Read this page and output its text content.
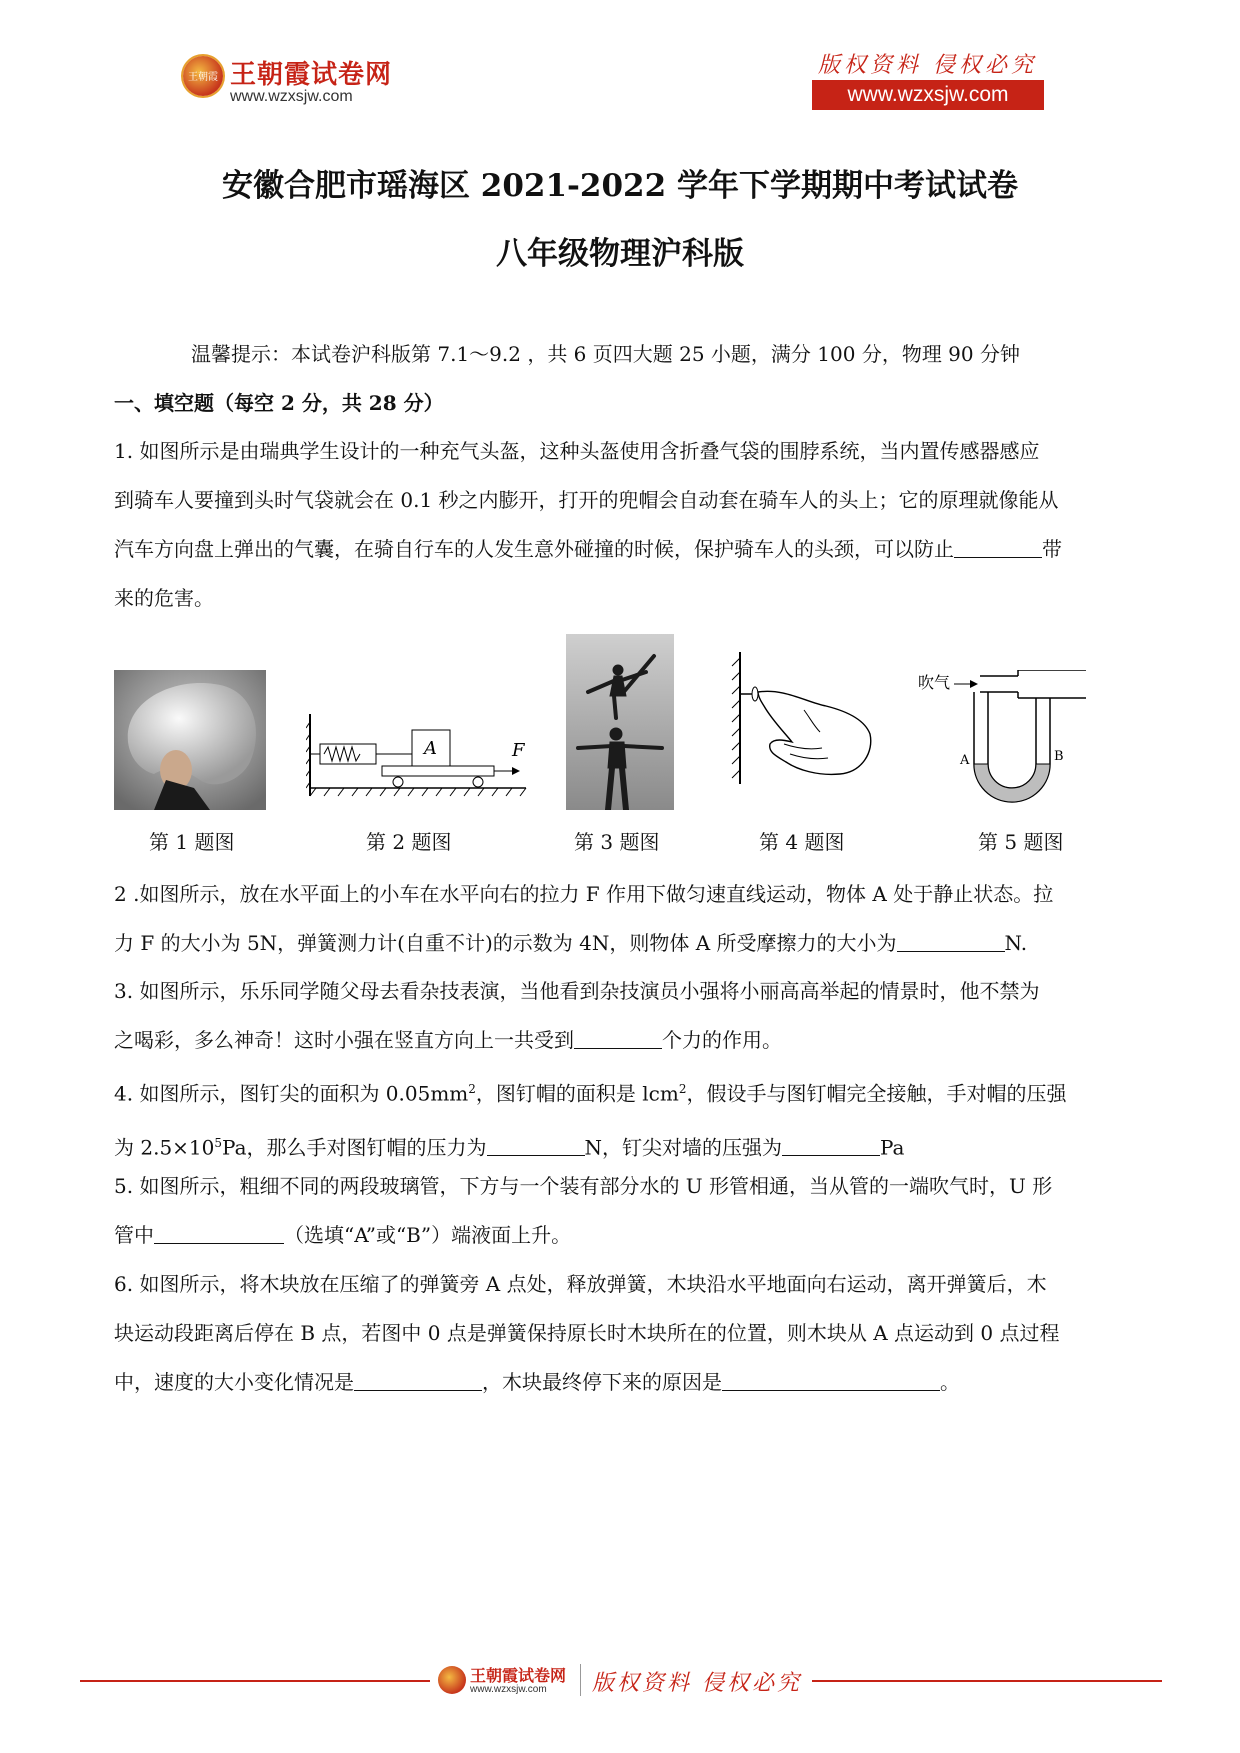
王朝霞 王朝霞试卷网
www.wzxsjw.com
版权资料 侵权必究
www.wzxsjw.com
安徽合肥市瑶海区 2021-2022 学年下学期期中考试试卷
八年级物理沪科版
温馨提示：本试卷沪科版第 7.1～9.2 ，共 6 页四大题 25 小题，满分 100 分，物理 90 分钟
一、填空题（每空 2 分，共 28 分）
1. 如图所示是由瑞典学生设计的一种充气头盔，这种头盔使用含折叠气袋的围脖系统，当内置传感器感应
到骑车人要撞到头时气袋就会在 0.1 秒之内膨开，打开的兜帽会自动套在骑车人的头上；它的原理就像能从
汽车方向盘上弹出的气囊，在骑自行车的人发生意外碰撞的时候，保护骑车人的头颈，可以防止	带
来的危害。
A	F
吹气
A	B
第 1 题图	第 2 题图	第 3 题图	第 4 题图	第 5 题图
2 .如图所示，放在水平面上的小车在水平向右的拉力 F 作用下做匀速直线运动，物体 A 处于静止状态。拉
力 F 的大小为 5N，弹簧测力计(自重不计)的示数为 4N，则物体 A 所受摩擦力的大小为	N.
3. 如图所示，乐乐同学随父母去看杂技表演，当他看到杂技演员小强将小丽高高举起的情景时，他不禁为
之喝彩，多么神奇！这时小强在竖直方向上一共受到	个力的作用。
4. 如图所示，图钉尖的面积为 $0.05mm^2$，图钉帽的面积是 lcm$^2$，假设手与图钉帽完全接触，手对帽的压强
为 $2.5\times 10^5Pa$，那么手对图钉帽的压力为	N，钉尖对墙的压强为	Pa
5. 如图所示，粗细不同的两段玻璃管，下方与一个装有部分水的 U 形管相通，当从管的一端吹气时，U 形
管中	（选填“A”或“B”）端液面上升。
6. 如图所示，将木块放在压缩了的弹簧旁 A 点处，释放弹簧，木块沿水平地面向右运动，离开弹簧后，木
块运动段距离后停在 B 点，若图中 0 点是弹簧保持原长时木块所在的位置，则木块从 A 点运动到 0 点过程
中，速度的大小变化情况是	，木块最终停下来的原因是	。
王朝霞试卷网
www.wzxsjw.com 版权资料 侵权必究
